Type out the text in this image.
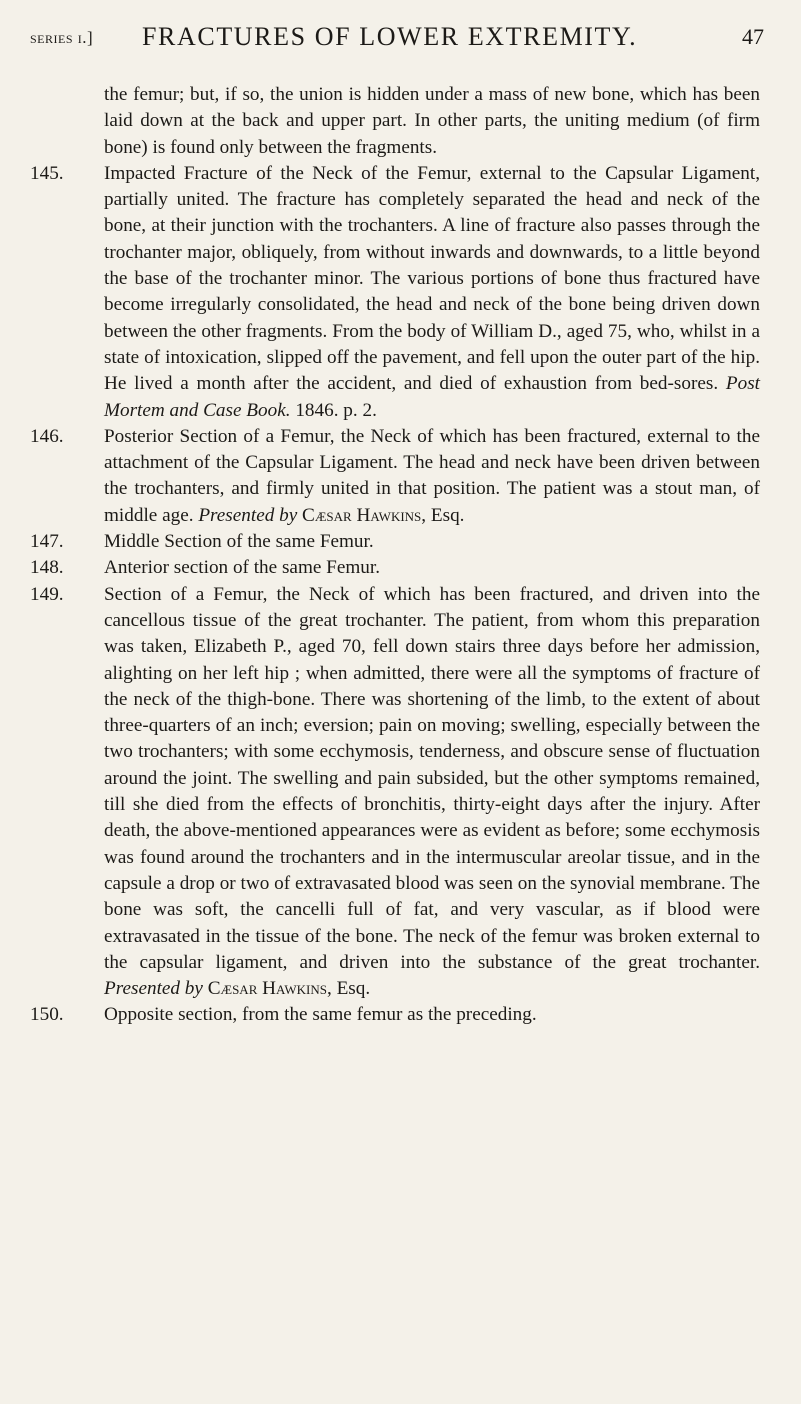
series i.] FRACTURES OF LOWER EXTREMITY.	47
the femur; but, if so, the union is hidden under a mass of new bone, which has been laid down at the back and upper part. In other parts, the uniting medium (of firm bone) is found only between the fragments.
145.	Impacted Fracture of the Neck of the Femur, external to the Capsular Ligament, partially united. The fracture has completely separated the head and neck of the bone, at their junction with the trochanters. A line of fracture also passes through the trochanter major, obliquely, from without inwards and downwards, to a little beyond the base of the trochanter minor. The various portions of bone thus fractured have become irregularly consolidated, the head and neck of the bone being driven down between the other fragments. From the body of William D., aged 75, who, whilst in a state of intoxication, slipped off the pavement, and fell upon the outer part of the hip. He lived a month after the accident, and died of exhaustion from bed-sores. Post Mortem and Case Book. 1846. p. 2.
146.	Posterior Section of a Femur, the Neck of which has been fractured, external to the attachment of the Capsular Ligament. The head and neck have been driven between the trochanters, and firmly united in that position. The patient was a stout man, of middle age. Presented by Cæsar Hawkins, Esq.
147.	Middle Section of the same Femur.
148.	Anterior section of the same Femur.
149.	Section of a Femur, the Neck of which has been fractured, and driven into the cancellous tissue of the great trochanter. The patient, from whom this preparation was taken, Elizabeth P., aged 70, fell down stairs three days before her admission, alighting on her left hip ; when admitted, there were all the symptoms of fracture of the neck of the thigh-bone. There was shortening of the limb, to the extent of about three-quarters of an inch; eversion; pain on moving; swelling, especially between the two trochanters; with some ecchymosis, tenderness, and obscure sense of fluctuation around the joint. The swelling and pain subsided, but the other symptoms remained, till she died from the effects of bronchitis, thirty-eight days after the injury. After death, the above-mentioned appearances were as evident as before; some ecchymosis was found around the trochanters and in the intermuscular areolar tissue, and in the capsule a drop or two of extravasated blood was seen on the synovial membrane. The bone was soft, the cancelli full of fat, and very vascular, as if blood were extravasated in the tissue of the bone. The neck of the femur was broken external to the capsular ligament, and driven into the substance of the great trochanter. Presented by Cæsar Hawkins, Esq.
150.	Opposite section, from the same femur as the preceding.
